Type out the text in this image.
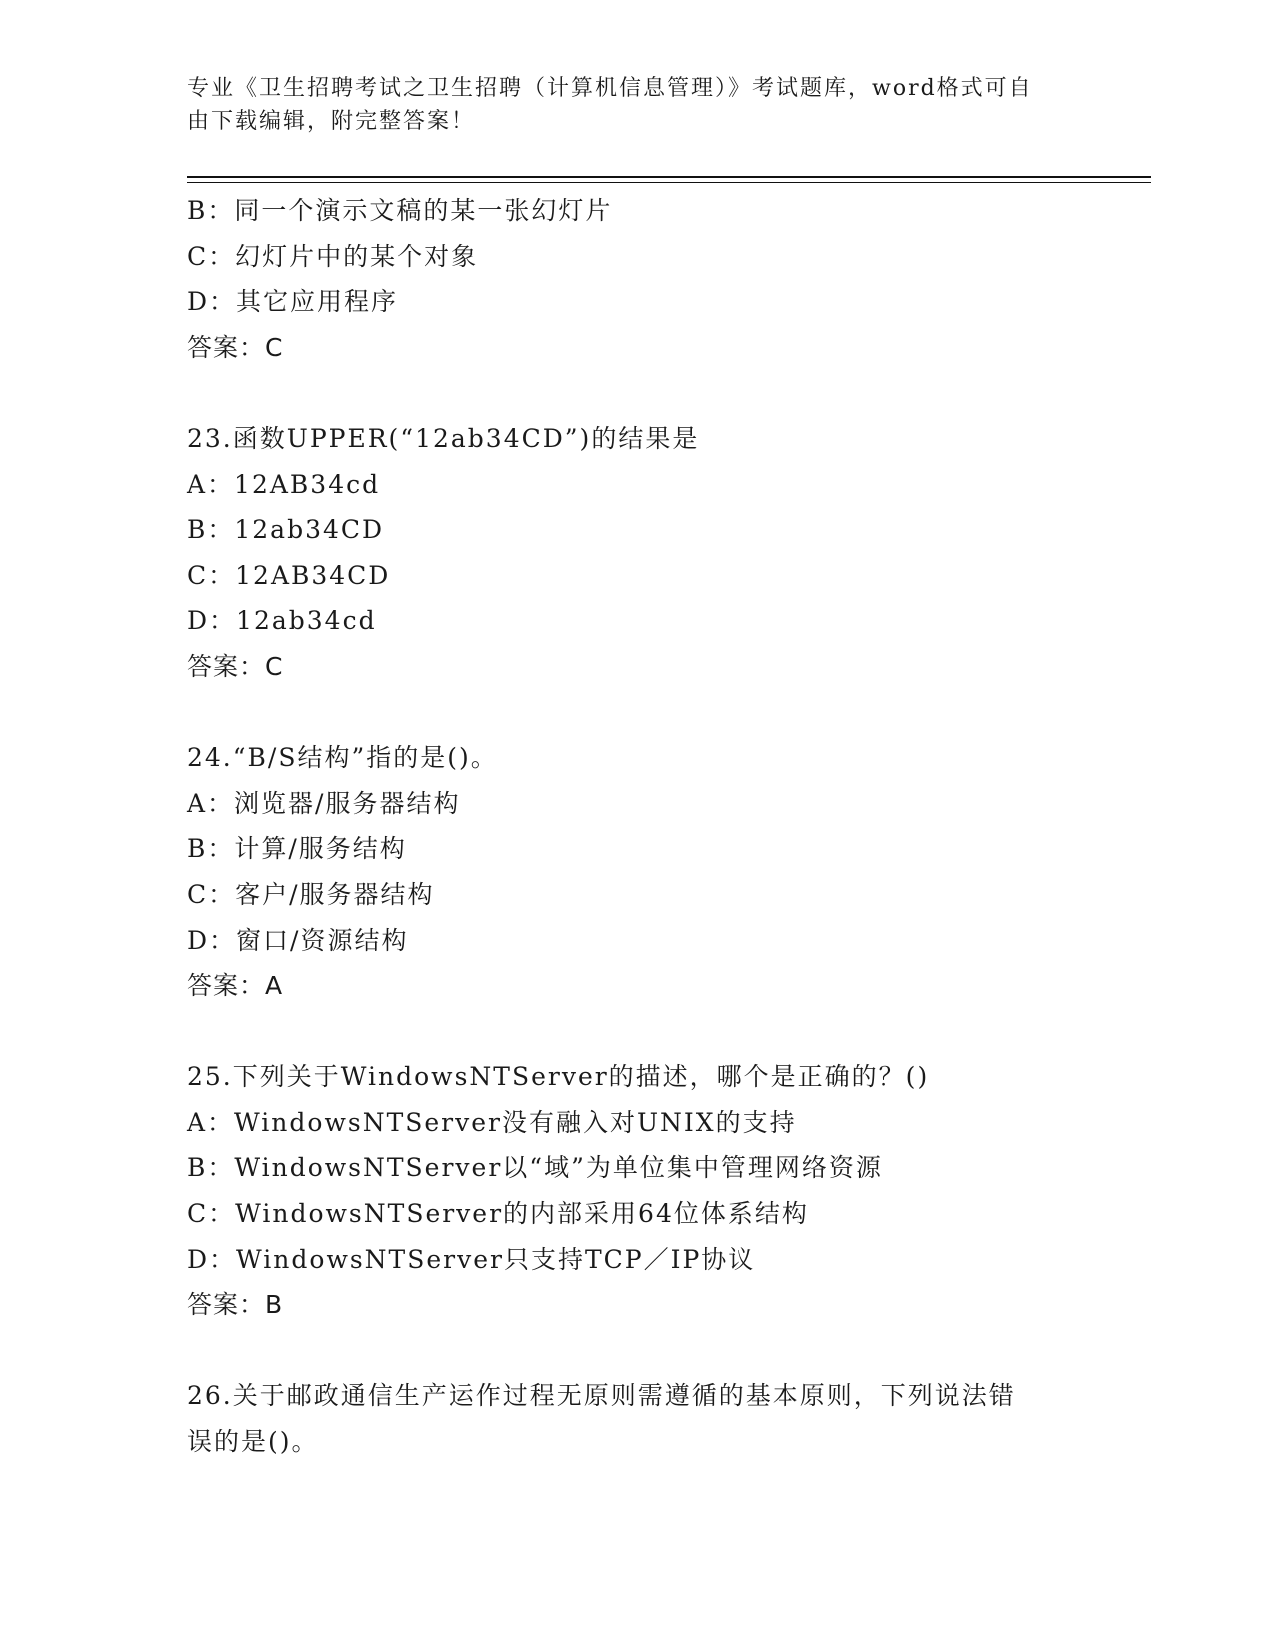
专业《卫生招聘考试之卫生招聘（计算机信息管理）》考试题库，word格式可自
由下载编辑，附完整答案！
B：同一个演示文稿的某一张幻灯片
C：幻灯片中的某个对象
D：其它应用程序
答案：C
23.函数UPPER(“12ab34CD”)的结果是
A：12AB34cd
B：12ab34CD
C：12AB34CD
D：12ab34cd
答案：C
24.“B/S结构”指的是()。
A：浏览器/服务器结构
B：计算/服务结构
C：客户/服务器结构
D：窗口/资源结构
答案：A
25.下列关于WindowsNTServer的描述，哪个是正确的？()
A：WindowsNTServer没有融入对UNIX的支持
B：WindowsNTServer以“域”为单位集中管理网络资源
C：WindowsNTServer的内部采用64位体系结构
D：WindowsNTServer只支持TCP／IP协议
答案：B
26.关于邮政通信生产运作过程无原则需遵循的基本原则，下列说法错
误的是()。
